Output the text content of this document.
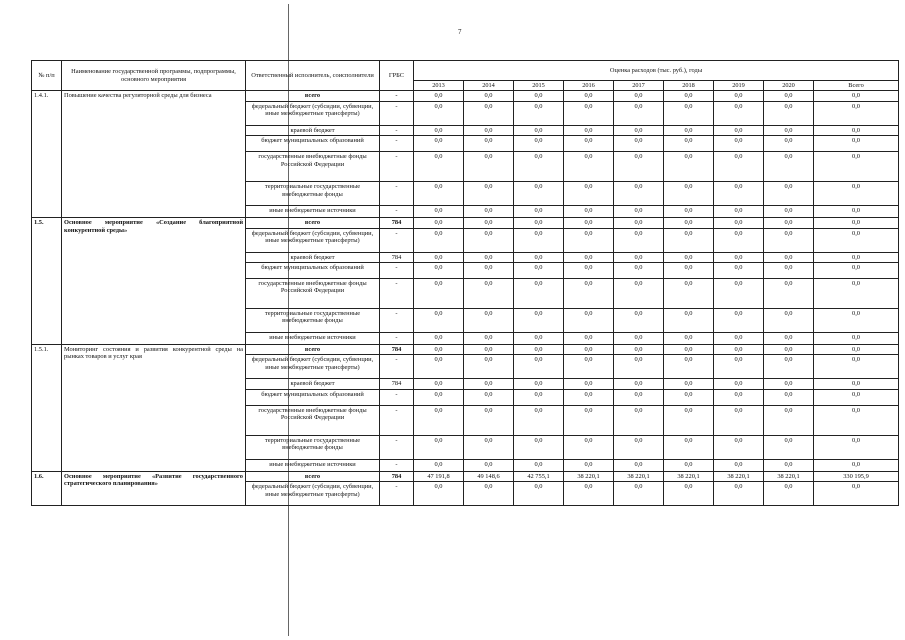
7
№ п/п	Наименование государственной программы, подпрограммы, основного мероприятия	Ответственный исполнитель, соисполнители	ГРБС	Оценка расходов (тыс. руб.), годы								
				2013	2014	2015	2016	2017	2018	2019	2020	Всего
1.4.1.	Повышение качества регуляторной среды для бизнеса	всего	-	0,0	0,0	0,0	0,0	0,0	0,0	0,0	0,0	0,0
		федеральный бюджет (субсидии, субвенции, иные межбюджетные трансферты)	-	0,0	0,0	0,0	0,0	0,0	0,0	0,0	0,0	0,0
		краевой бюджет	-	0,0	0,0	0,0	0,0	0,0	0,0	0,0	0,0	0,0
		бюджет муниципальных образований	-	0,0	0,0	0,0	0,0	0,0	0,0	0,0	0,0	0,0
		государственные внебюджетные фонды Российской Федерации	-	0,0	0,0	0,0	0,0	0,0	0,0	0,0	0,0	0,0
		территориальные государственные внебюджетные фонды	-	0,0	0,0	0,0	0,0	0,0	0,0	0,0	0,0	0,0
		иные внебюджетные источники	-	0,0	0,0	0,0	0,0	0,0	0,0	0,0	0,0	0,0
1.5.	Основное мероприятие «Создание благоприятной конкурентной среды»	всего	784	0,0	0,0	0,0	0,0	0,0	0,0	0,0	0,0	0,0
		федеральный бюджет (субсидии, субвенции, иные межбюджетные трансферты)	-	0,0	0,0	0,0	0,0	0,0	0,0	0,0	0,0	0,0
		краевой бюджет	784	0,0	0,0	0,0	0,0	0,0	0,0	0,0	0,0	0,0
		бюджет муниципальных образований	-	0,0	0,0	0,0	0,0	0,0	0,0	0,0	0,0	0,0
		государственные внебюджетные фонды Российской Федерации	-	0,0	0,0	0,0	0,0	0,0	0,0	0,0	0,0	0,0
		территориальные государственные внебюджетные фонды	-	0,0	0,0	0,0	0,0	0,0	0,0	0,0	0,0	0,0
		иные внебюджетные источники	-	0,0	0,0	0,0	0,0	0,0	0,0	0,0	0,0	0,0
1.5.1.	Мониторинг состояния и развития конкурентной среды на рынках товаров и услуг края	всего	784	0,0	0,0	0,0	0,0	0,0	0,0	0,0	0,0	0,0
		федеральный бюджет (субсидии, субвенции, иные межбюджетные трансферты)	-	0,0	0,0	0,0	0,0	0,0	0,0	0,0	0,0	0,0
		краевой бюджет	784	0,0	0,0	0,0	0,0	0,0	0,0	0,0	0,0	0,0
		бюджет муниципальных образований	-	0,0	0,0	0,0	0,0	0,0	0,0	0,0	0,0	0,0
		государственные внебюджетные фонды Российской Федерации	-	0,0	0,0	0,0	0,0	0,0	0,0	0,0	0,0	0,0
		территориальные государственные внебюджетные фонды	-	0,0	0,0	0,0	0,0	0,0	0,0	0,0	0,0	0,0
		иные внебюджетные источники	-	0,0	0,0	0,0	0,0	0,0	0,0	0,0	0,0	0,0
1.6.	Основное мероприятие «Развитие государственного стратегического планирования»	всего	784	47 191,8	49 148,6	42 755,1	38 220,1	38 220,1	38 220,1	38 220,1	38 220,1	330 195,9
		федеральный бюджет (субсидии, субвенции, иные межбюджетные трансферты)	-	0,0	0,0	0,0	0,0	0,0	0,0	0,0	0,0	0,0
